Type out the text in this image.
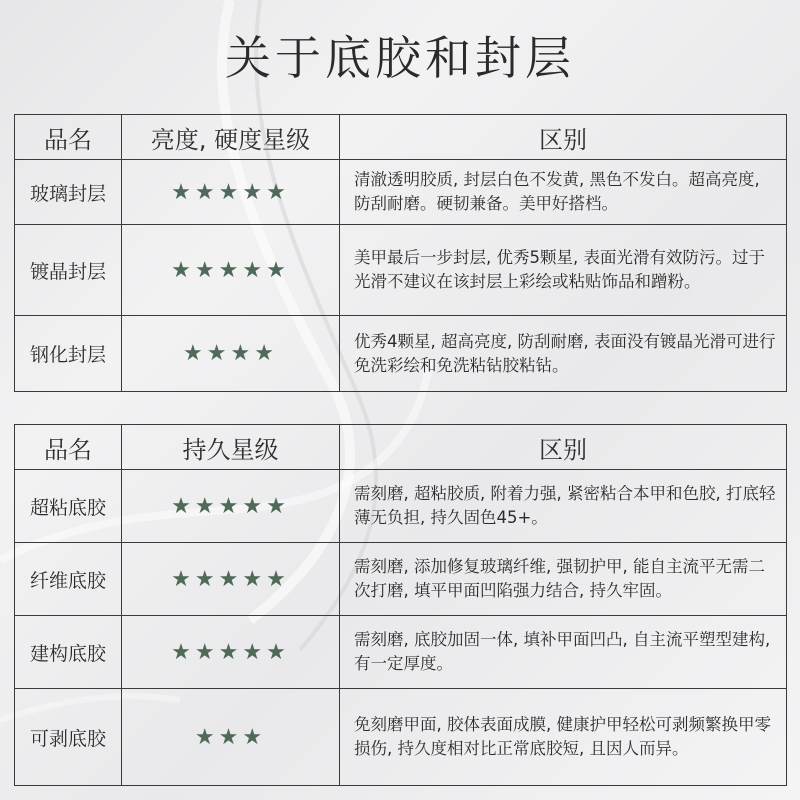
关于底胶和封层
品名	亮度, 硬度星级	区别
玻璃封层	★★★★★	清澈透明胶质, 封层白色不发黄, 黑色不发白。超高亮度, 防刮耐磨。硬韧兼备。美甲好搭档。
镀晶封层	★★★★★	美甲最后一步封层, 优秀5颗星, 表面光滑有效防污。过于光滑不建议在该封层上彩绘或粘贴饰品和蹭粉。
钢化封层	★★★★	优秀4颗星, 超高亮度, 防刮耐磨, 表面没有镀晶光滑可进行免洗彩绘和免洗粘钻胶粘钻。
品名	持久星级	区别
超粘底胶	★★★★★	需刻磨, 超粘胶质, 附着力强, 紧密粘合本甲和色胶, 打底轻薄无负担, 持久固色45+。
纤维底胶	★★★★★	需刻磨, 添加修复玻璃纤维, 强韧护甲, 能自主流平无需二次打磨, 填平甲面凹陷强力结合, 持久牢固。
建构底胶	★★★★★	需刻磨, 底胶加固一体, 填补甲面凹凸, 自主流平塑型建构, 有一定厚度。
可剥底胶	★★★	免刻磨甲面, 胶体表面成膜, 健康护甲轻松可剥频繁换甲零损伤, 持久度相对比正常底胶短, 且因人而异。
